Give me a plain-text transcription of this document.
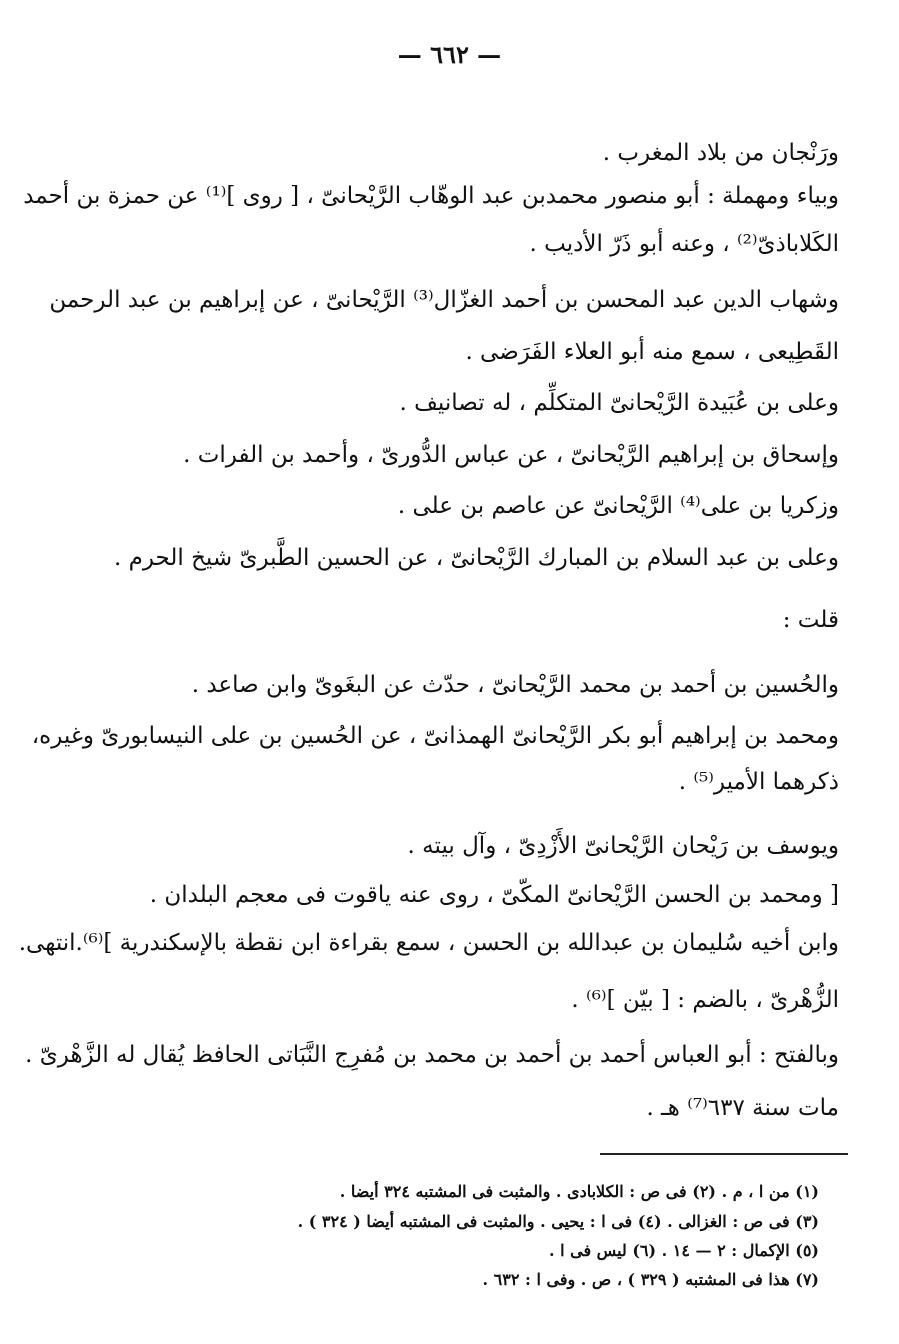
— ٦٦٢ —
ورَنْجان من بلاد المغرب .
وبياء ومهملة : أبو منصور محمدبن عبد الوهّاب الرَّيْحانىّ ، [ روى ]⁽¹⁾ عن حمزة بن أحمد
الكَلاباذىّ⁽²⁾ ، وعنه أبو ذَرّ الأديب .
وشهاب الدين عبد المحسن بن أحمد الغزّال⁽³⁾ الرَّيْحانىّ ، عن إبراهيم بن عبد الرحمن
القَطِيعى ، سمع منه أبو العلاء الفَرَضى .
وعلى بن عُبَيدة الرَّيْحانىّ المتكلِّم ، له تصانيف .
وإسحاق بن إبراهيم الرَّيْحانىّ ، عن عباس الدُّورىّ ، وأحمد بن الفرات .
وزكريا بن على⁽⁴⁾ الرَّيْحانىّ عن عاصم بن على .
وعلى بن عبد السلام بن المبارك الرَّيْحانىّ ، عن الحسين الطَّبرىّ شيخ الحرم .
قلت :
والحُسين بن أحمد بن محمد الرَّيْحانىّ ، حدّث عن البغَوىّ وابن صاعد .
ومحمد بن إبراهيم أبو بكر الرَّيْحانىّ الهمذانىّ ، عن الحُسين بن على النيسابورىّ وغيره،
ذكرهما الأمير⁽⁵⁾ .
ويوسف بن رَيْحان الرَّيْحانىّ الأَزْدِىّ ، وآل بيته .
[ ومحمد بن الحسن الرَّيْحانىّ المكّىّ ، روى عنه ياقوت فى معجم البلدان .
وابن أخيه سُليمان بن عبدالله بن الحسن ، سمع بقراءة ابن نقطة بالإسكندرية ]⁽⁶⁾.انتهى.
الزُّهْرىّ ، بالضم : [ بيّن ]⁽⁶⁾ .
وبالفتح : أبو العباس أحمد بن أحمد بن محمد بن مُفرِج النَّبَاتى الحافظ يُقال له الزَّهْرىّ .
مات سنة ٦٣٧⁽⁷⁾ هـ .
(١) من ا ، م . (٢) فى ص : الكلابادى . والمثبت فى المشتبه ٣٢٤ أيضا .
(٣) فى ص : الغزالى . (٤) فى ا : يحيى . والمثبت فى المشتبه أيضا ( ٣٢٤ ) .
(٥) الإكمال : ٢ — ١٤ . (٦) ليس فى ا .
(٧) هذا فى المشتبه ( ٣٢٩ ) ، ص . وفى ا : ٦٣٢ .
